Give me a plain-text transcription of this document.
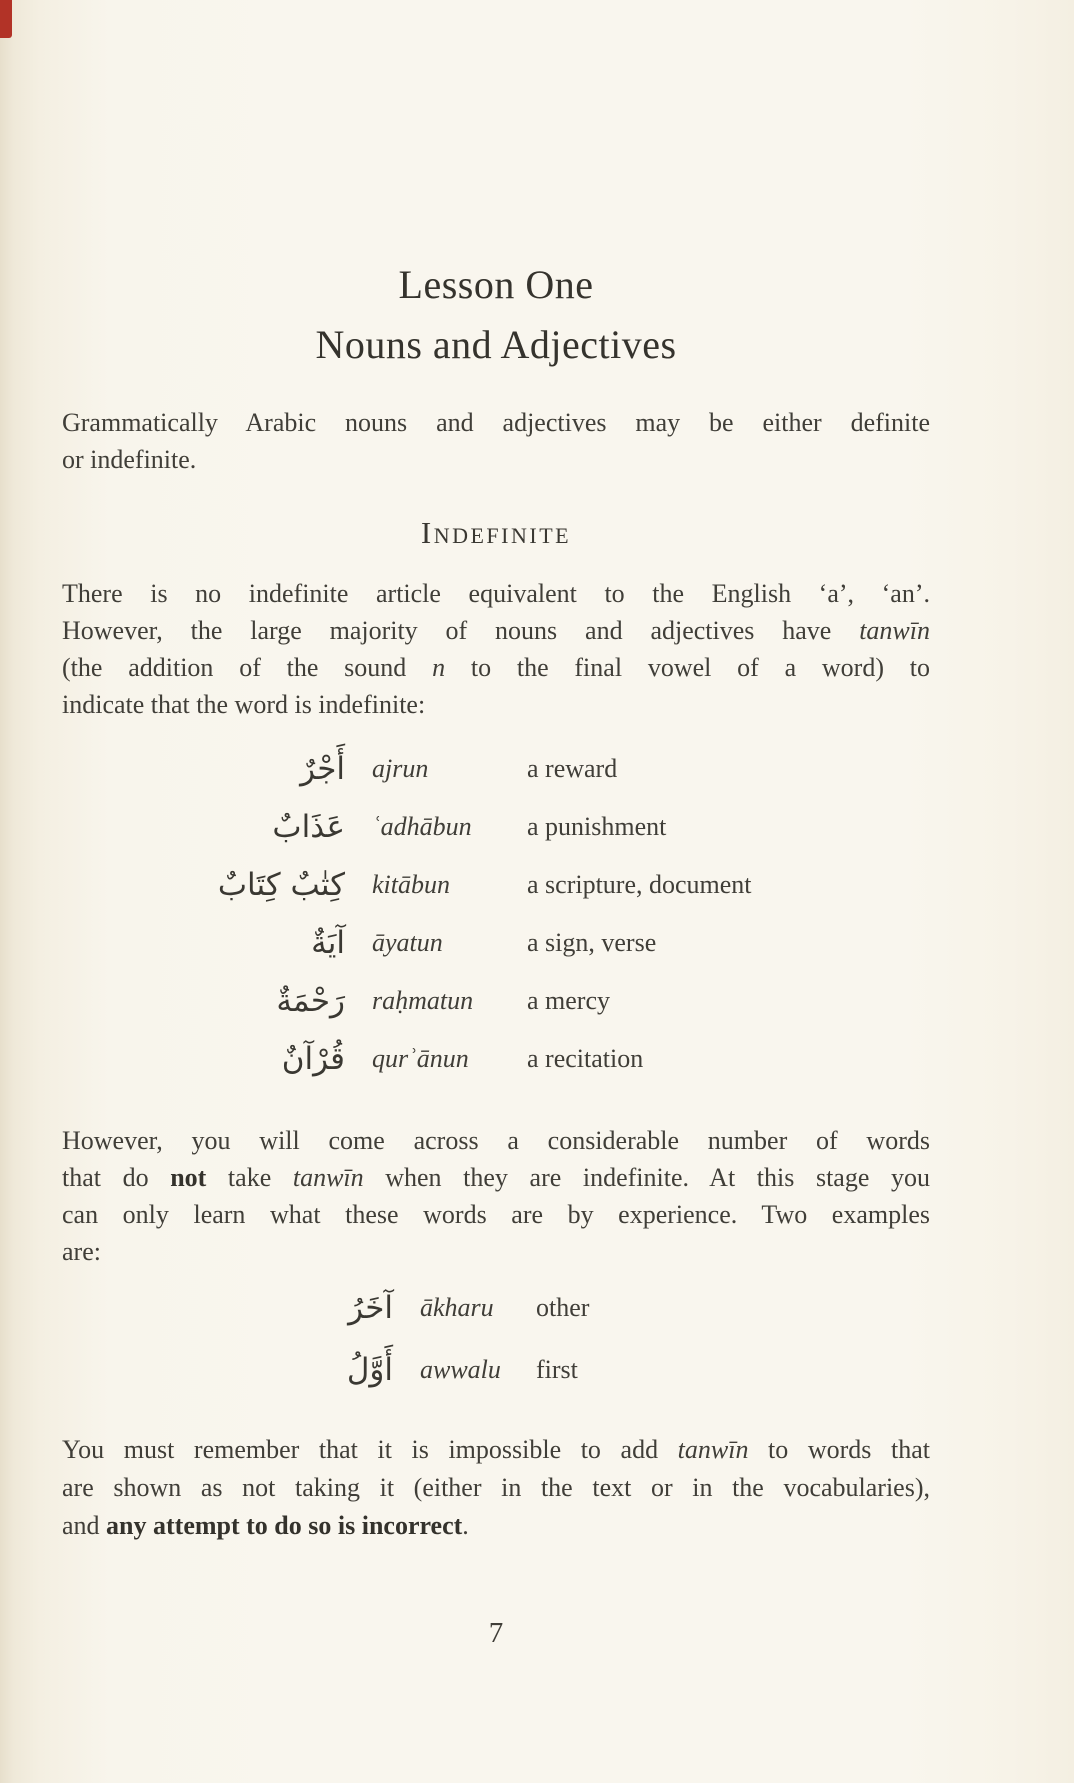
Lesson One
Nouns and Adjectives
Grammatically Arabic nouns and adjectives may be either definite
or indefinite.
Indefinite
There is no indefinite article equivalent to the English ‘a’, ‘an’.
However, the large majority of nouns and adjectives have tanwīn
(the addition of the sound n to the final vowel of a word) to
indicate that the word is indefinite:
أَجْرٌ ajrun	a reward
عَذَابٌ ʿadhābun	a punishment
كِتٰبٌ كِتَابٌ kitābun	a scripture, document
آيَةٌ āyatun	a sign, verse
رَحْمَةٌ raḥmatun	a mercy
قُرْآنٌ qurʾānun	a recitation
However, you will come across a considerable number of words
that do not take tanwīn when they are indefinite. At this stage you
can only learn what these words are by experience. Two examples
are:
آخَرُ ākharu	other
أَوَّلُ awwalu	first
You must remember that it is impossible to add tanwīn to words that
are shown as not taking it (either in the text or in the vocabularies),
and any attempt to do so is incorrect.
7
